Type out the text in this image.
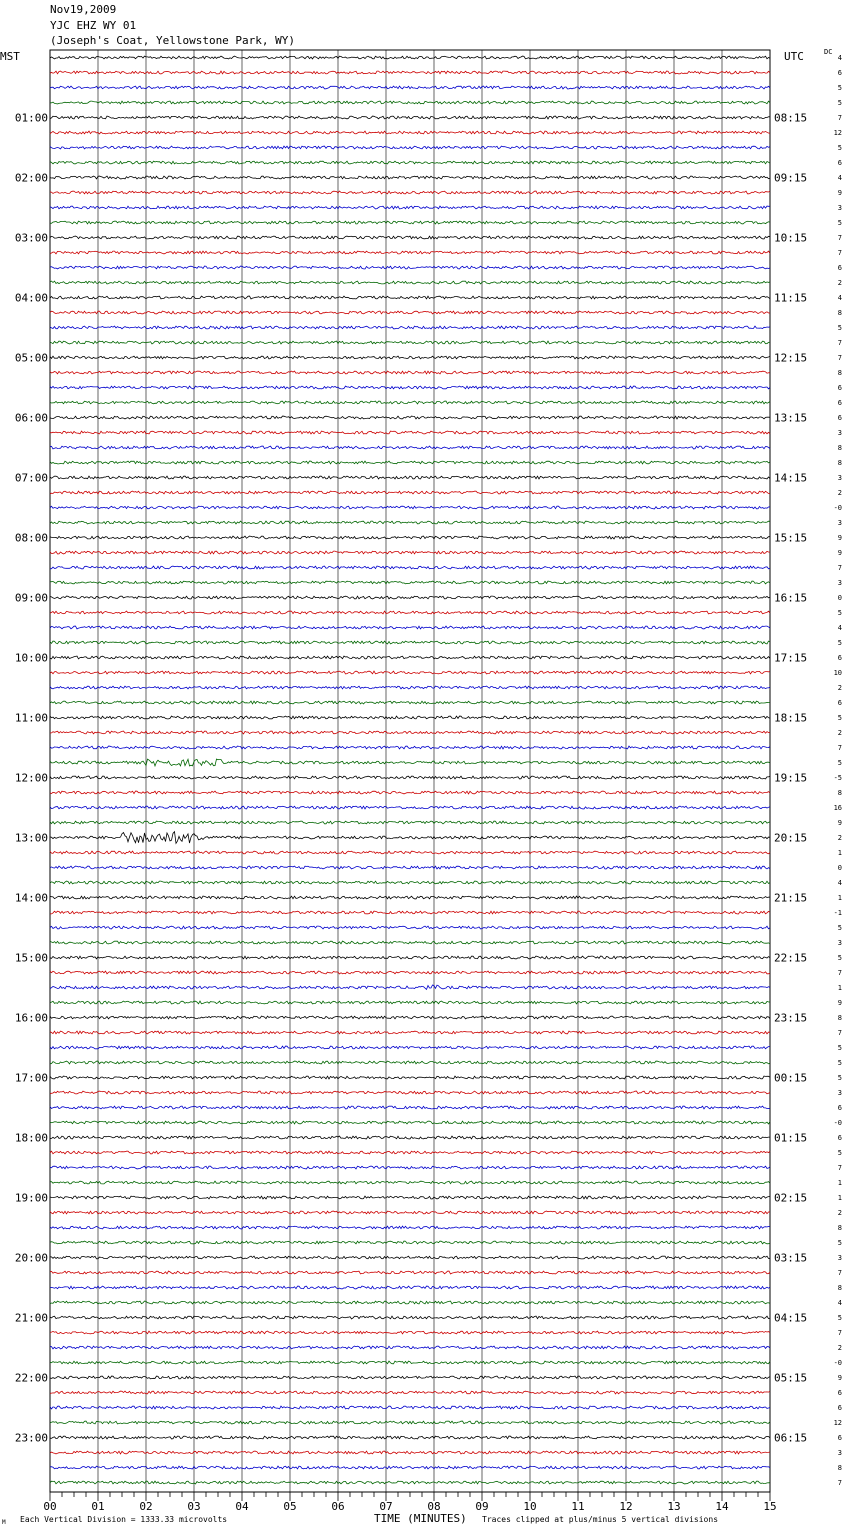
Nov19,2009
YJC EHZ WY 01
(Joseph's Coat, Yellowstone Park, WY)
MST	UTC	DC
4
6
5
5
7
12
5
6
4
9
3
5
7
7
6
2
4
8
5
7
7
8
6
6
6
3
8
8
3
2
-0
3
9
9
7
3
0
5
4
5
6
10
2
6
5
2
7
5
-5
8
16
9
2
1
0
4
1
-1
5
3
5
7
1
9
8
7
5
5
5
3
6
-0
6
5
7
1
1
2
8
5
3
7
8
4
5
7
2
-0
9
6
6
12
6
3
8
7
01:00
02:00
03:00
04:00
05:00
06:00
07:00
08:00
09:00
10:00
11:00
12:00
13:00
14:00
15:00
16:00
17:00
18:00
19:00
20:00
21:00
22:00
23:00
08:15
09:15
10:15
11:15
12:15
13:15
14:15
15:15
16:15
17:15
18:15
19:15
20:15
21:15
22:15
23:15
00:15
01:15
02:15
03:15
04:15
05:15
06:15
00	01	02	03	04	05	06	07	08	09	10	11	12	13	14	15
Each Vertical Division = 1333.33 microvolts
M	Traces clipped at plus/minus 5 vertical divisions
TIME (MINUTES)
